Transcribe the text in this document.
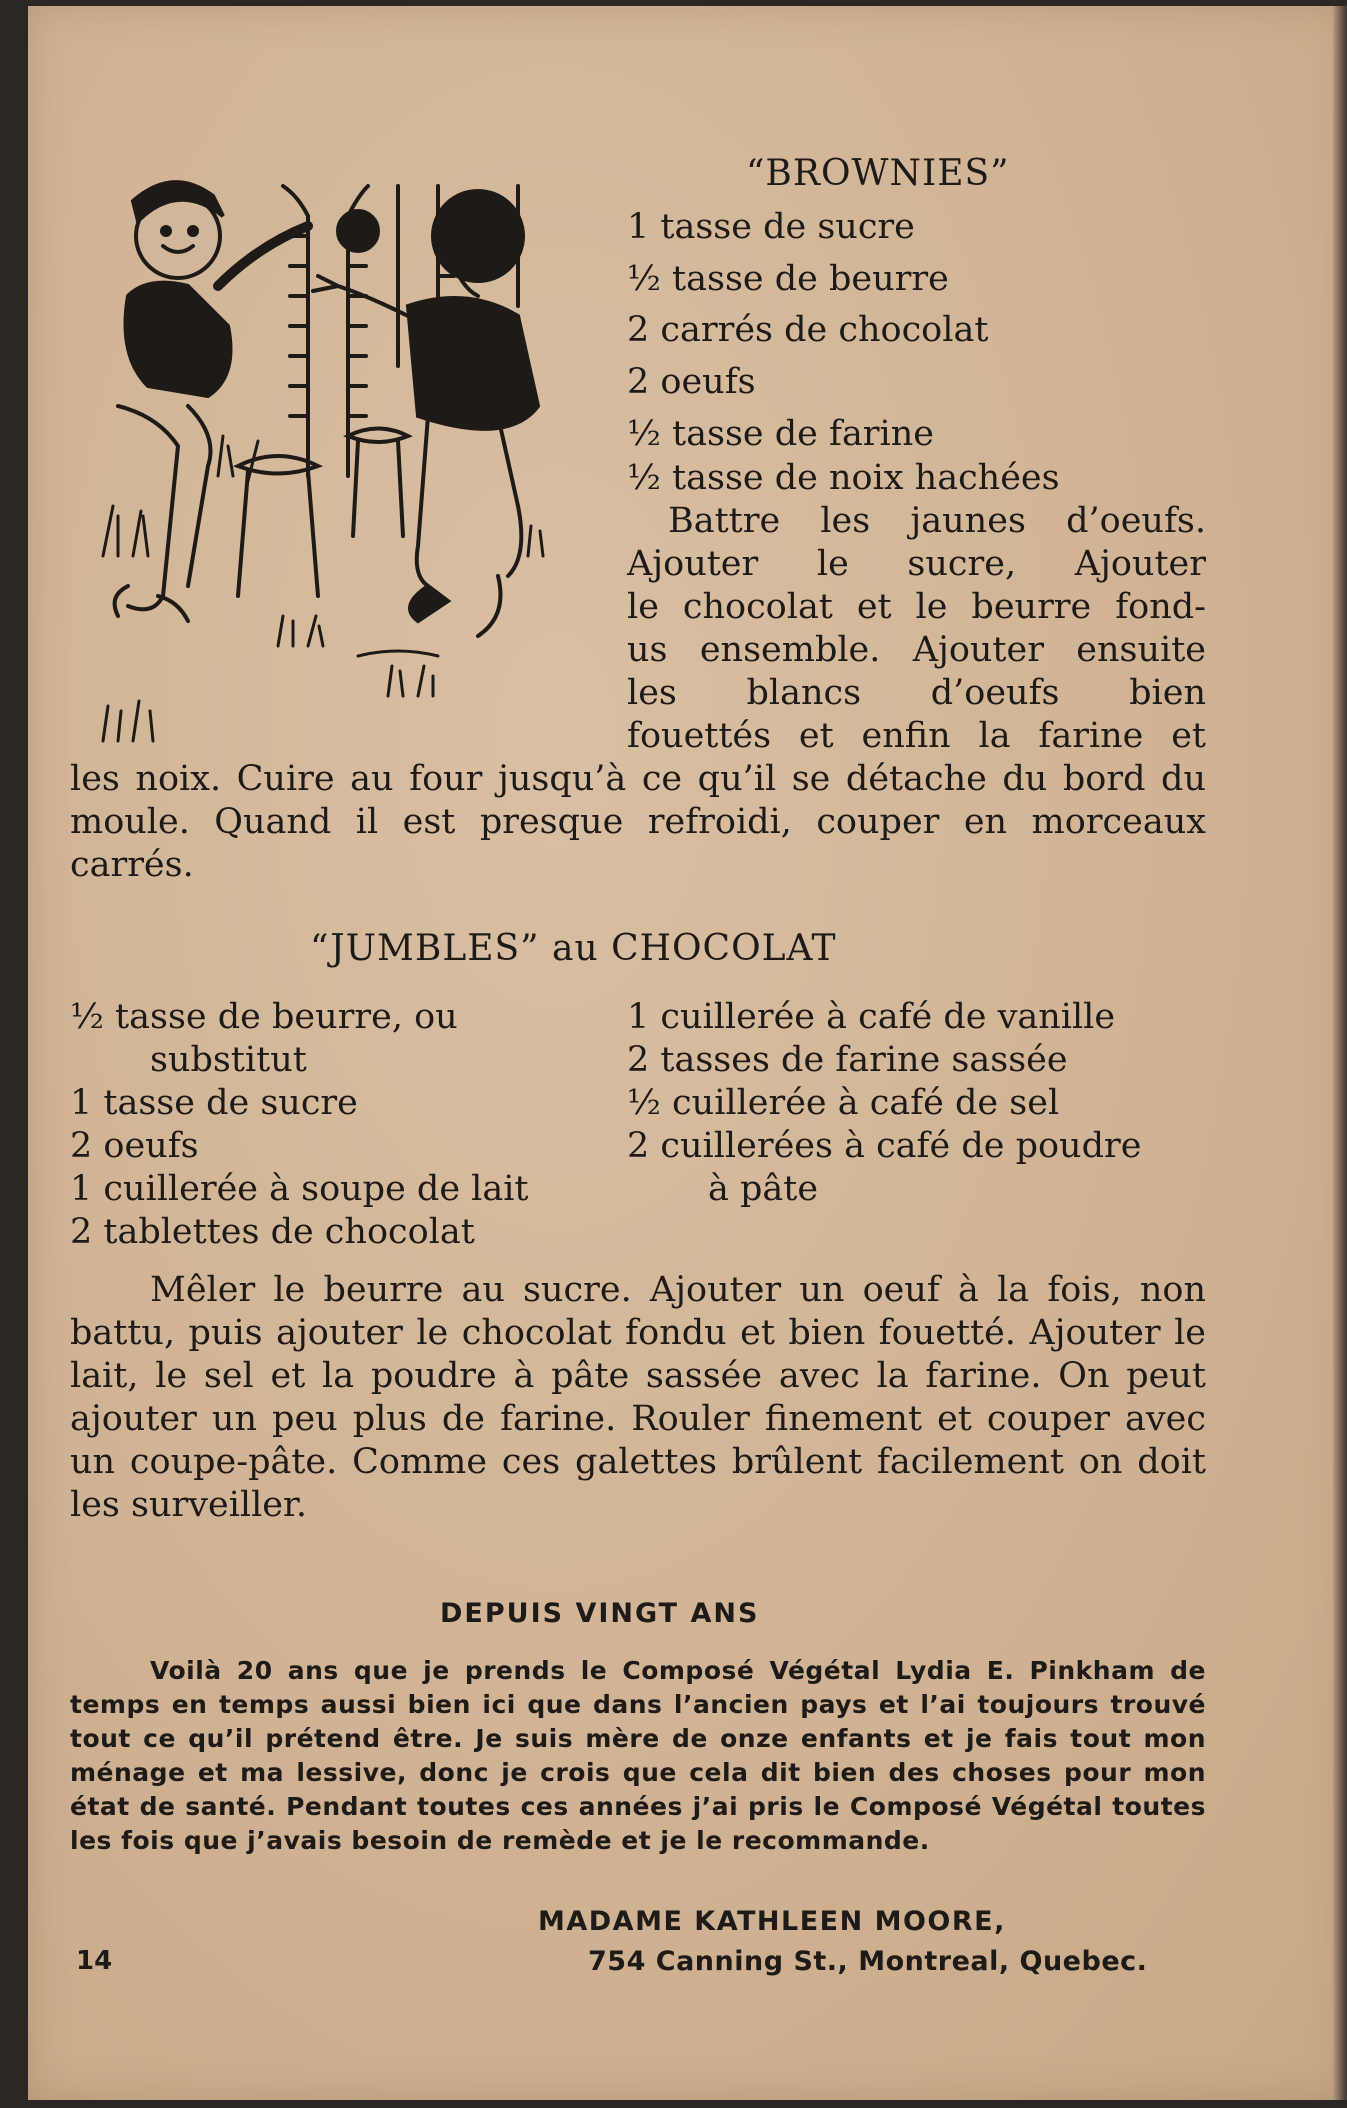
“BROWNIES”
1 tasse de sucre
½ tasse de beurre
2 carrés de chocolat
2 oeufs
½ tasse de farine
½ tasse de noix hachées
Battre les jaunes d’oeufs.
Ajouter le sucre, Ajouter
le chocolat et le beurre fond-
us ensemble. Ajouter ensuite
les blancs d’oeufs bien
fouettés et enfin la farine et
les noix. Cuire au four jusqu’à ce qu’il se détache du bord du moule. Quand il est presque refroidi, couper en morceaux carrés.
“JUMBLES” au CHOCOLAT
½ tasse de beurre, ou
substitut
1 tasse de sucre
2 oeufs
1 cuillerée à soupe de lait
2 tablettes de chocolat
1 cuillerée à café de vanille
2 tasses de farine sassée
½ cuillerée à café de sel
2 cuillerées à café de poudre
à pâte
Mêler le beurre au sucre. Ajouter un oeuf à la fois, non battu, puis ajouter le chocolat fondu et bien fouetté. Ajouter le lait, le sel et la poudre à pâte sassée avec la farine. On peut ajouter un peu plus de farine. Rouler finement et couper avec un coupe-pâte. Comme ces galettes brûlent facilement on doit les surveiller.
DEPUIS VINGT ANS
Voilà 20 ans que je prends le Composé Végétal Lydia E. Pinkham de temps en temps aussi bien ici que dans l’ancien pays et l’ai toujours trouvé tout ce qu’il prétend être. Je suis mère de onze enfants et je fais tout mon ménage et ma lessive, donc je crois que cela dit bien des choses pour mon état de santé. Pendant toutes ces années j’ai pris le Composé Végétal toutes les fois que j’avais besoin de remède et je le recommande.
MADAME KATHLEEN MOORE,
754 Canning St., Montreal, Quebec.
14
